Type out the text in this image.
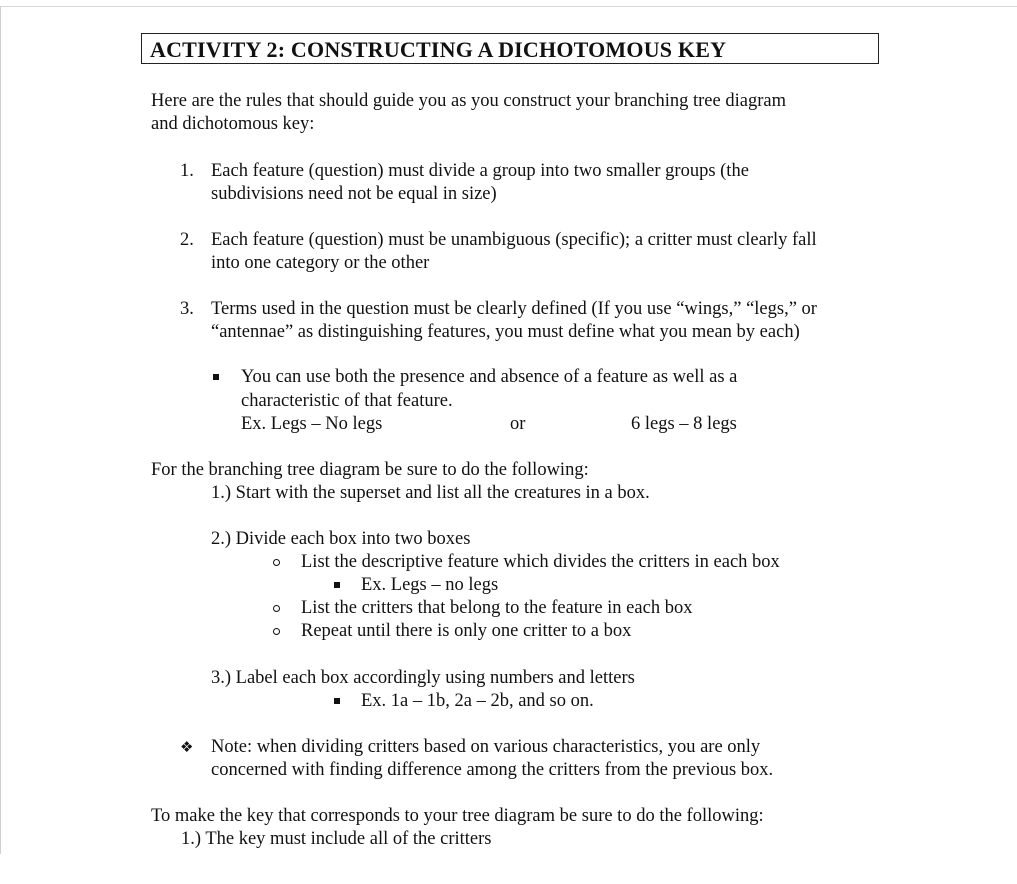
ACTIVITY 2: CONSTRUCTING A DICHOTOMOUS KEY
Here are the rules that should guide you as you construct your branching tree diagram
and dichotomous key:
1. Each feature (question) must divide a group into two smaller groups (the
subdivisions need not be equal in size)
2. Each feature (question) must be unambiguous (specific); a critter must clearly fall
into one category or the other
3. Terms used in the question must be clearly defined (If you use “wings,” “legs,” or
“antennae” as distinguishing features, you must define what you mean by each)
You can use both the presence and absence of a feature as well as a
characteristic of that feature.
Ex. Legs – No legs	or	6 legs – 8 legs
For the branching tree diagram be sure to do the following:
1.) Start with the superset and list all the creatures in a box.
2.) Divide each box into two boxes
List the descriptive feature which divides the critters in each box
Ex. Legs – no legs
List the critters that belong to the feature in each box
Repeat until there is only one critter to a box
3.) Label each box accordingly using numbers and letters
Ex. 1a – 1b, 2a – 2b, and so on.
❖ Note: when dividing critters based on various characteristics, you are only
concerned with finding difference among the critters from the previous box.
To make the key that corresponds to your tree diagram be sure to do the following:
1.) The key must include all of the critters
